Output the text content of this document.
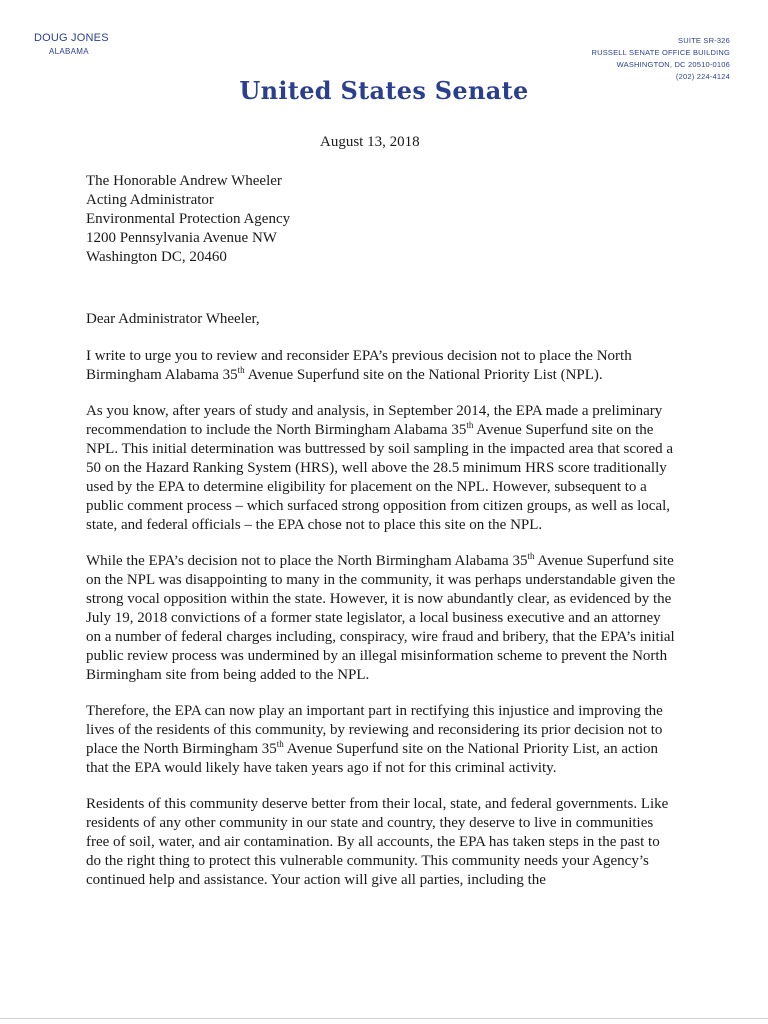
DOUG JONES
ALABAMA
SUITE SR-326
RUSSELL SENATE OFFICE BUILDING
WASHINGTON, DC 20510-0106
(202) 224-4124
United States Senate
August 13, 2018
The Honorable Andrew Wheeler
Acting Administrator
Environmental Protection Agency
1200 Pennsylvania Avenue NW
Washington DC, 20460
Dear Administrator Wheeler,

I write to urge you to review and reconsider EPA’s previous decision not to place the North Birmingham Alabama 35th Avenue Superfund site on the National Priority List (NPL).

As you know, after years of study and analysis, in September 2014, the EPA made a preliminary recommendation to include the North Birmingham Alabama 35th Avenue Superfund site on the NPL. This initial determination was buttressed by soil sampling in the impacted area that scored a 50 on the Hazard Ranking System (HRS), well above the 28.5 minimum HRS score traditionally used by the EPA to determine eligibility for placement on the NPL. However, subsequent to a public comment process – which surfaced strong opposition from citizen groups, as well as local, state, and federal officials – the EPA chose not to place this site on the NPL.

While the EPA’s decision not to place the North Birmingham Alabama 35th Avenue Superfund site on the NPL was disappointing to many in the community, it was perhaps understandable given the strong vocal opposition within the state. However, it is now abundantly clear, as evidenced by the July 19, 2018 convictions of a former state legislator, a local business executive and an attorney on a number of federal charges including, conspiracy, wire fraud and bribery, that the EPA’s initial public review process was undermined by an illegal misinformation scheme to prevent the North Birmingham site from being added to the NPL.

Therefore, the EPA can now play an important part in rectifying this injustice and improving the lives of the residents of this community, by reviewing and reconsidering its prior decision not to place the North Birmingham 35th Avenue Superfund site on the National Priority List, an action that the EPA would likely have taken years ago if not for this criminal activity.

Residents of this community deserve better from their local, state, and federal governments. Like residents of any other community in our state and country, they deserve to live in communities free of soil, water, and air contamination. By all accounts, the EPA has taken steps in the past to do the right thing to protect this vulnerable community. This community needs your Agency’s continued help and assistance. Your action will give all parties, including the
